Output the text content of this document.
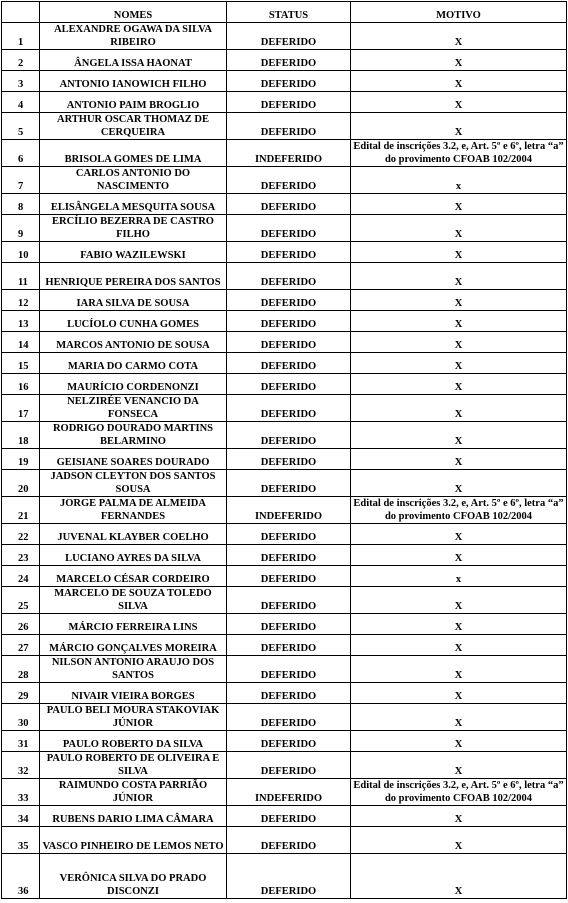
	NOMES	STATUS	MOTIVO
1	ALEXANDRE OGAWA DA SILVA RIBEIRO	DEFERIDO	X
2	ÂNGELA ISSA HAONAT	DEFERIDO	X
3	ANTONIO IANOWICH FILHO	DEFERIDO	X
4	ANTONIO PAIM BROGLIO	DEFERIDO	X
5	ARTHUR OSCAR THOMAZ DE CERQUEIRA	DEFERIDO	X
6	BRISOLA GOMES DE LIMA	INDEFERIDO	Edital de inscrições 3.2, e, Art. 5º e 6º, letra “a” do provimento CFOAB 102/2004
7	CARLOS ANTONIO DO NASCIMENTO	DEFERIDO	x
8	ELISÂNGELA MESQUITA SOUSA	DEFERIDO	X
9	ERCÍLIO BEZERRA DE CASTRO FILHO	DEFERIDO	X
10	FABIO WAZILEWSKI	DEFERIDO	X
11	HENRIQUE PEREIRA DOS SANTOS	DEFERIDO	X
12	IARA SILVA DE SOUSA	DEFERIDO	X
13	LUCÍOLO CUNHA GOMES	DEFERIDO	X
14	MARCOS ANTONIO DE SOUSA	DEFERIDO	X
15	MARIA DO CARMO COTA	DEFERIDO	X
16	MAURÍCIO CORDENONZI	DEFERIDO	X
17	NELZIRÉE VENANCIO DA FONSECA	DEFERIDO	X
18	RODRIGO DOURADO MARTINS BELARMINO	DEFERIDO	X
19	GEISIANE SOARES DOURADO	DEFERIDO	X
20	JADSON CLEYTON DOS SANTOS SOUSA	DEFERIDO	X
21	JORGE PALMA DE ALMEIDA FERNANDES	INDEFERIDO	Edital de inscrições 3.2, e, Art. 5º e 6º, letra “a” do provimento CFOAB 102/2004
22	JUVENAL KLAYBER COELHO	DEFERIDO	X
23	LUCIANO AYRES DA SILVA	DEFERIDO	X
24	MARCELO CÉSAR CORDEIRO	DEFERIDO	x
25	MARCELO DE SOUZA TOLEDO SILVA	DEFERIDO	X
26	MÁRCIO FERREIRA LINS	DEFERIDO	X
27	MÁRCIO GONÇALVES MOREIRA	DEFERIDO	X
28	NILSON ANTONIO ARAUJO DOS SANTOS	DEFERIDO	X
29	NIVAIR VIEIRA BORGES	DEFERIDO	X
30	PAULO BELI MOURA STAKOVIAK JÚNIOR	DEFERIDO	X
31	PAULO ROBERTO DA SILVA	DEFERIDO	X
32	PAULO ROBERTO DE OLIVEIRA E SILVA	DEFERIDO	X
33	RAIMUNDO COSTA PARRIÃO JÚNIOR	INDEFERIDO	Edital de inscrições 3.2, e, Art. 5º e 6º, letra “a” do provimento CFOAB 102/2004
34	RUBENS DARIO LIMA CÂMARA	DEFERIDO	X
35	VASCO PINHEIRO DE LEMOS NETO	DEFERIDO	X
36	VERÔNICA SILVA DO PRADO DISCONZI	DEFERIDO	X
